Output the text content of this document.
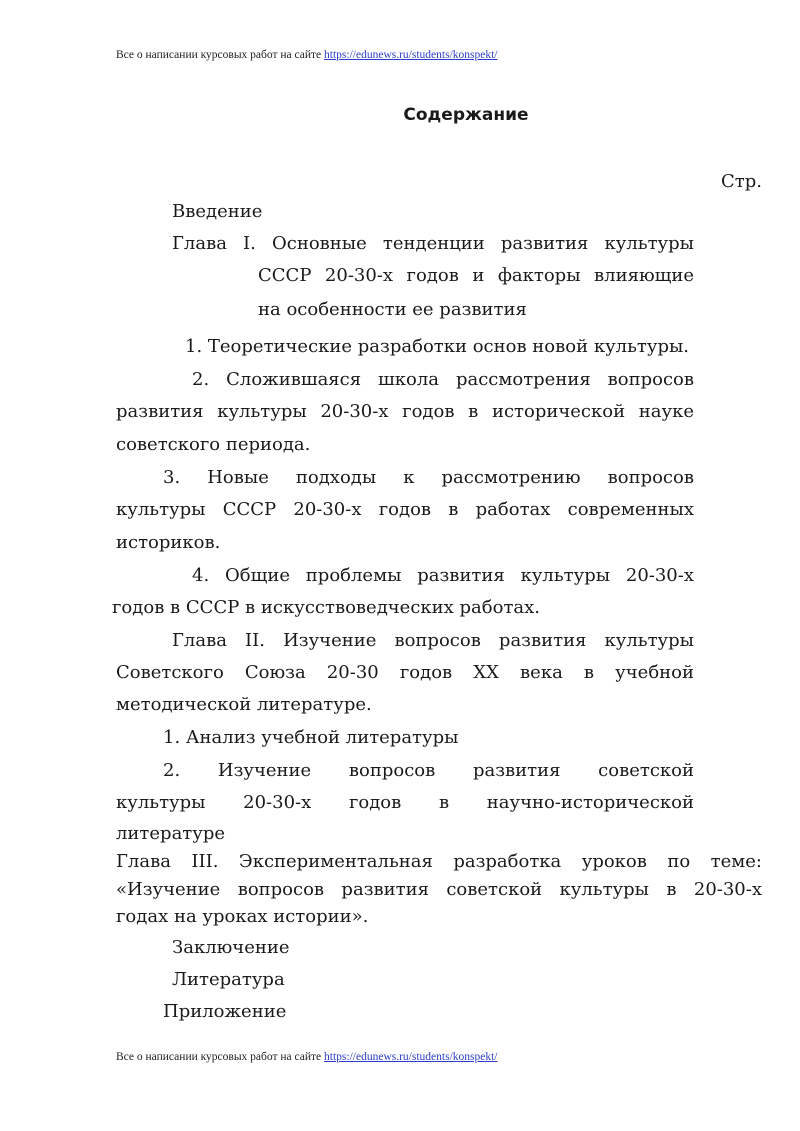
Все о написании курсовых работ на сайте https://edunews.ru/students/konspekt/
Содержание
Стр.
Введение
Глава I. Основные тенденции развития культуры
СССР 20-30-х годов и факторы влияющие
на особенности ее развития
1. Теоретические разработки основ новой культуры.
2. Сложившаяся школа рассмотрения вопросов
развития культуры 20-30-х годов в исторической науке
советского периода.
3. Новые подходы к рассмотрению вопросов
культуры СССР 20-30-х годов в работах современных
историков.
4. Общие проблемы развития культуры 20-30-х
годов в СССР в искусствоведческих работах.
Глава II. Изучение вопросов развития культуры
Советского Союза 20-30 годов XX века в учебной
методической литературе.
1. Анализ учебной литературы
2. Изучение вопросов развития советской
культуры 20-30-х годов в научно-исторической
литературе
Глава III. Экспериментальная разработка уроков по теме:
«Изучение вопросов развития советской культуры в 20-30-х
годах на уроках истории».
Заключение
Литература
Приложение
Все о написании курсовых работ на сайте https://edunews.ru/students/konspekt/
